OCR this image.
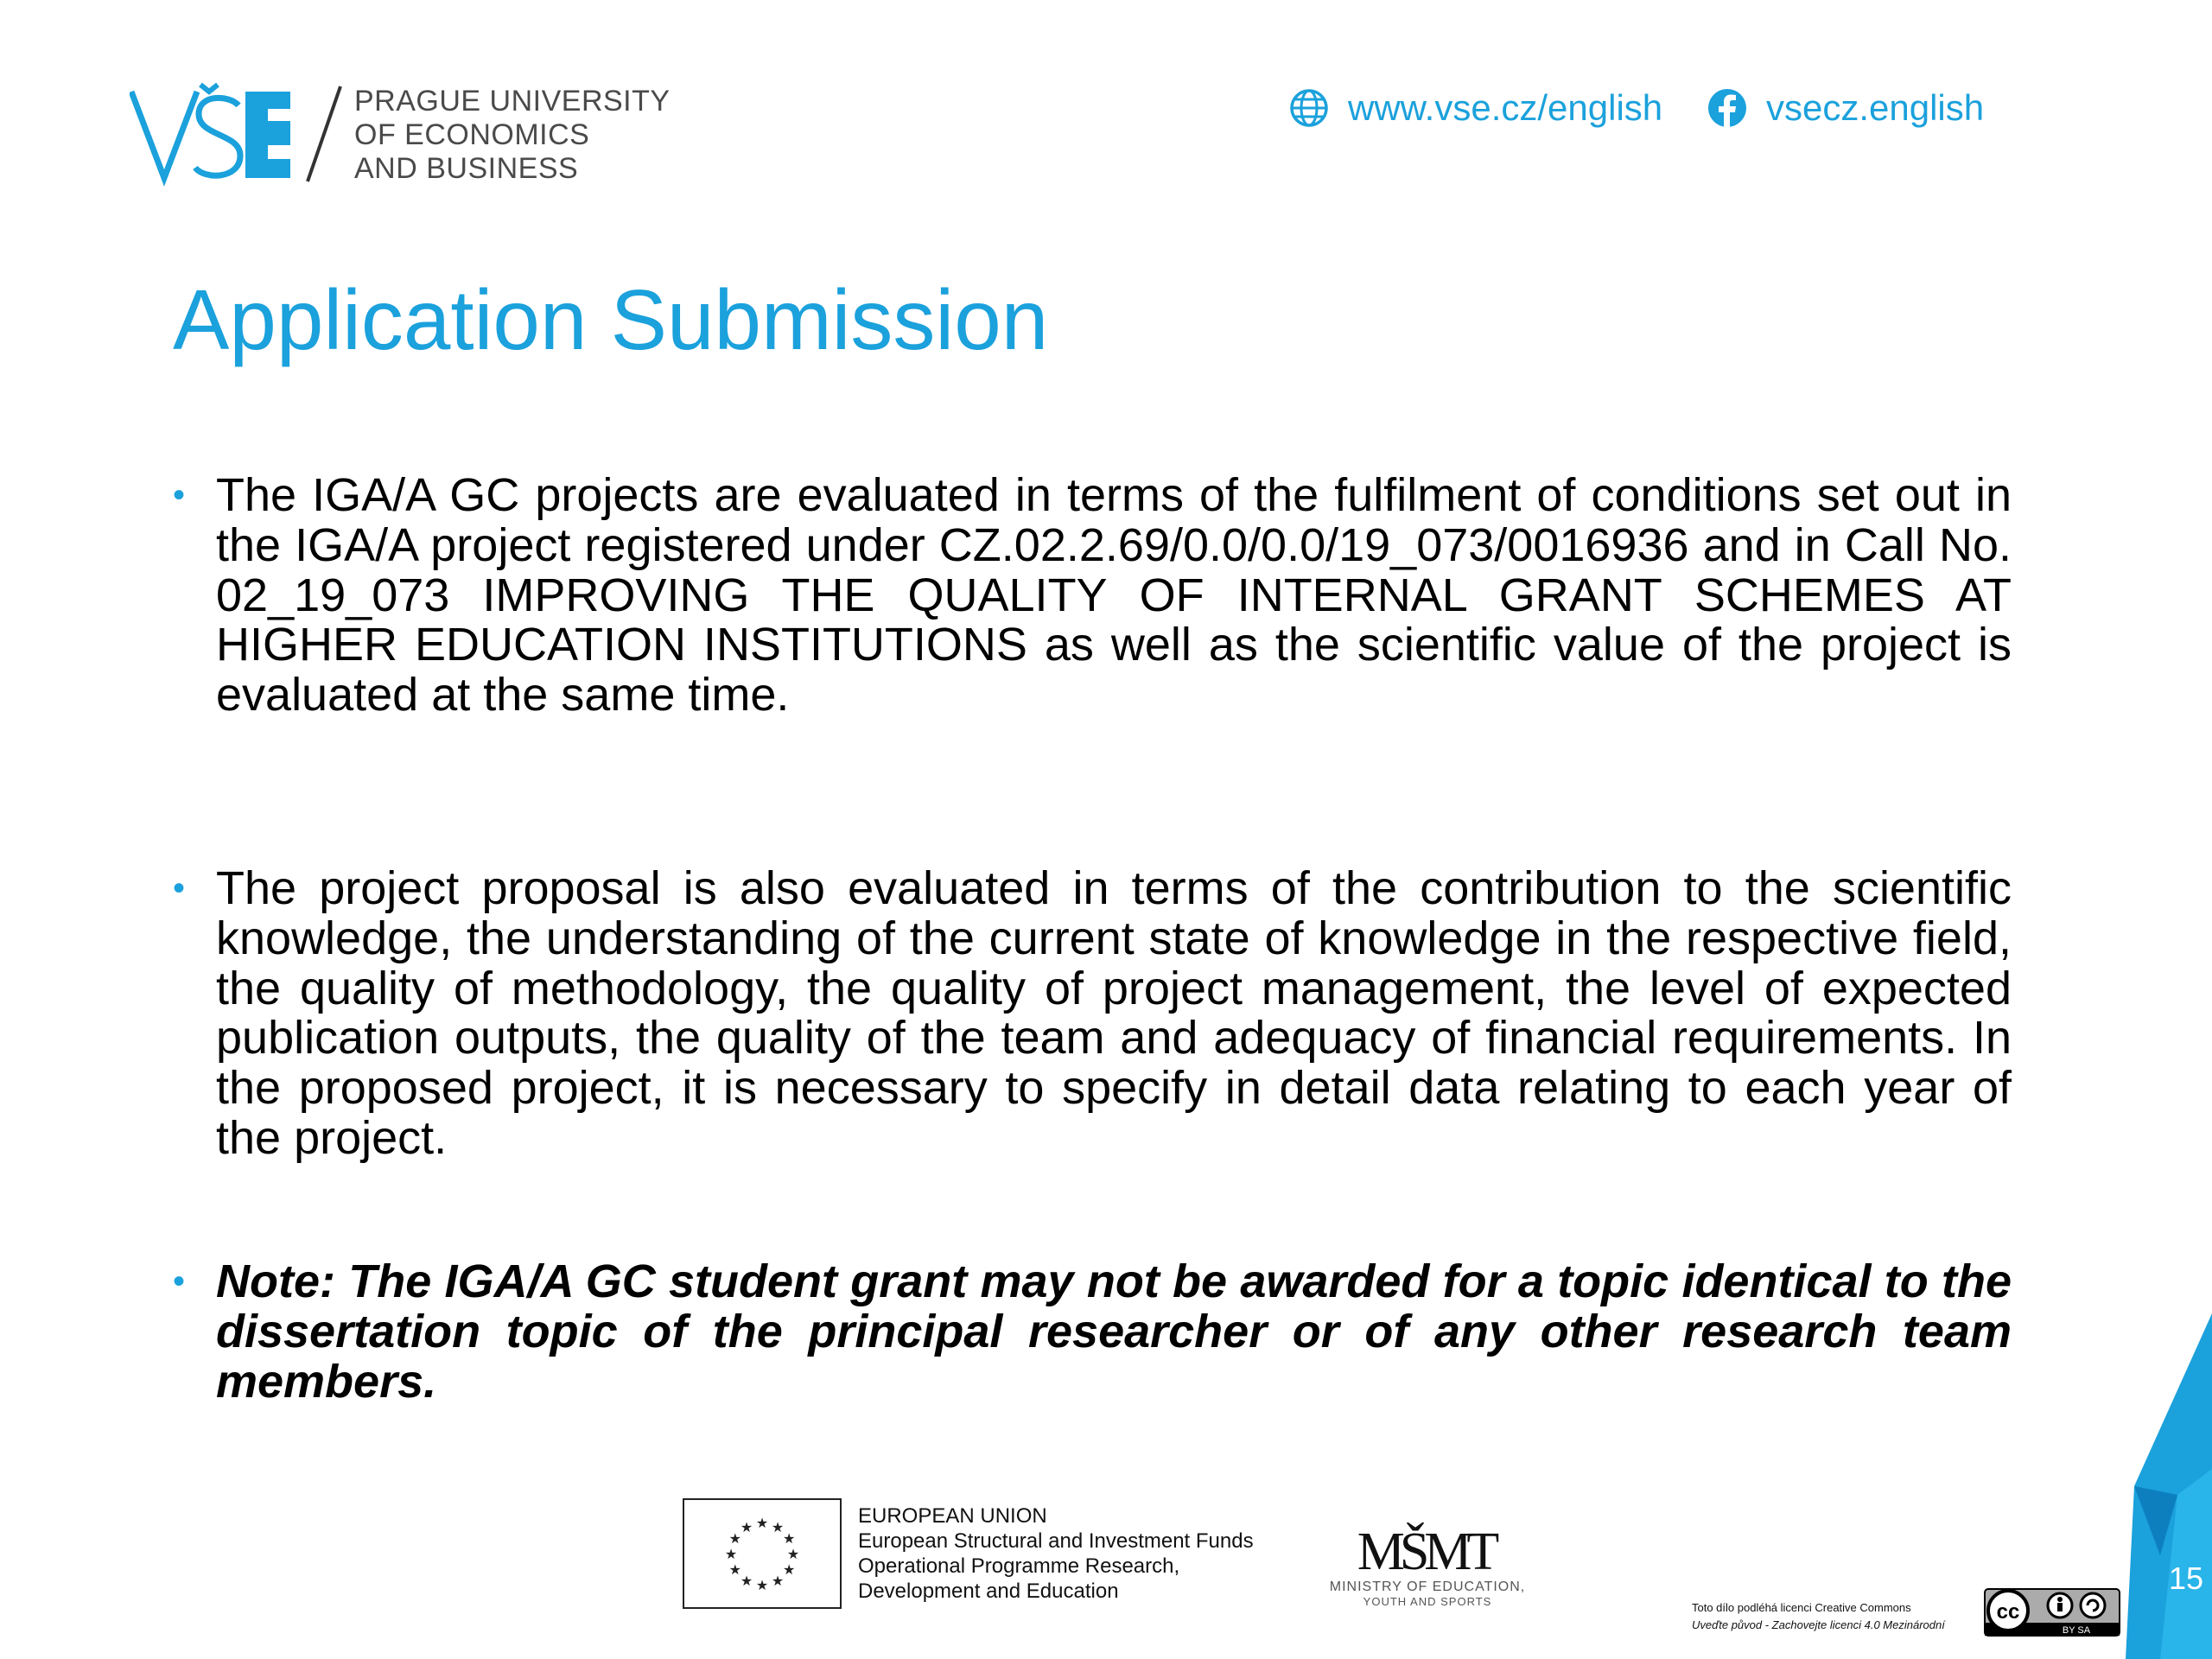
PRAGUE UNIVERSITY
OF ECONOMICS
AND BUSINESS
www.vse.cz/english	vsecz.english
Application Submission
• The IGA/A GC projects are evaluated in terms of the fulfilment of conditions set out in the IGA/A project registered under CZ.02.2.69/0.0/0.0/19_073/0016936 and in Call No. 02_19_073 IMPROVING THE QUALITY OF INTERNAL GRANT SCHEMES AT HIGHER EDUCATION INSTITUTIONS as well as the scientific value of the project is evaluated at the same time.
• The project proposal is also evaluated in terms of the contribution to the scientific knowledge, the understanding of the current state of knowledge in the respective field, the quality of methodology, the quality of project management, the level of expected publication outputs, the quality of the team and adequacy of financial requirements. In the proposed project, it is necessary to specify in detail data relating to each year of the project.
• Note: The IGA/A GC student grant may not be awarded for a topic identical to the dissertation topic of the principal researcher or of any other research team members.
★
★
★
★
★
★
★
★
★ ★ ★
★
EUROPEAN UNION
European Structural and Investment Funds
Operational Programme Research,
Development and Education
MŠMT
MINISTRY OF EDUCATION,
YOUTH AND SPORTS	Toto dílo podléhá licenci Creative Commons
Uveďte původ - Zachovejte licenci 4.0 Mezinárodní
cc
BY SA
15
